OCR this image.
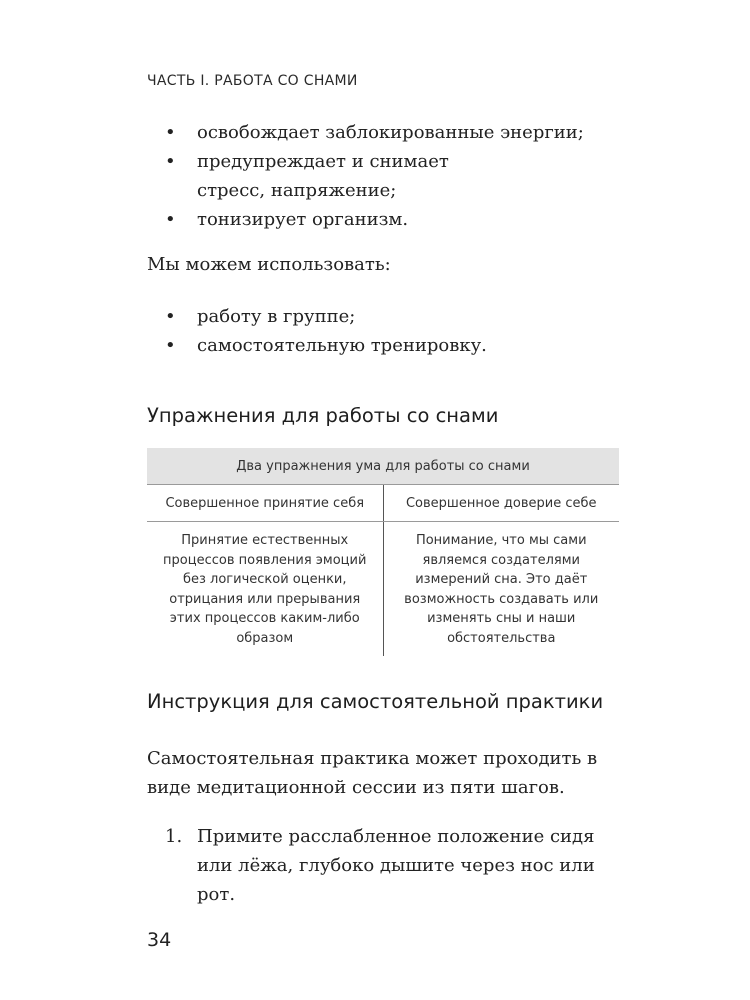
ЧАСТЬ I. РАБОТА СО СНАМИ
• освобождает заблокированные энергии;
• предупреждает и снимает стресс, напряжение;
• тонизирует организм.

Мы можем использовать:

• работу в группе;
• самостоятельную тренировку.
Упражнения для работы со снами
Два упражнения ума для работы со снами	
Совершенное принятие себя	Совершенное доверие себе
Принятие естественных процессов появления эмоций без логической оценки, отрицания или прерывания этих процессов каким-либо образом	Понимание, что мы сами являемся создателями измерений сна. Это даёт возможность создавать или изменять сны и наши обстоятельства
Инструкция для самостоятельной практики

Самостоятельная практика может проходить в виде медитационной сессии из пяти шагов.

1. Примите расслабленное положение сидя или лёжа, глубоко дышите через нос или рот.
34
